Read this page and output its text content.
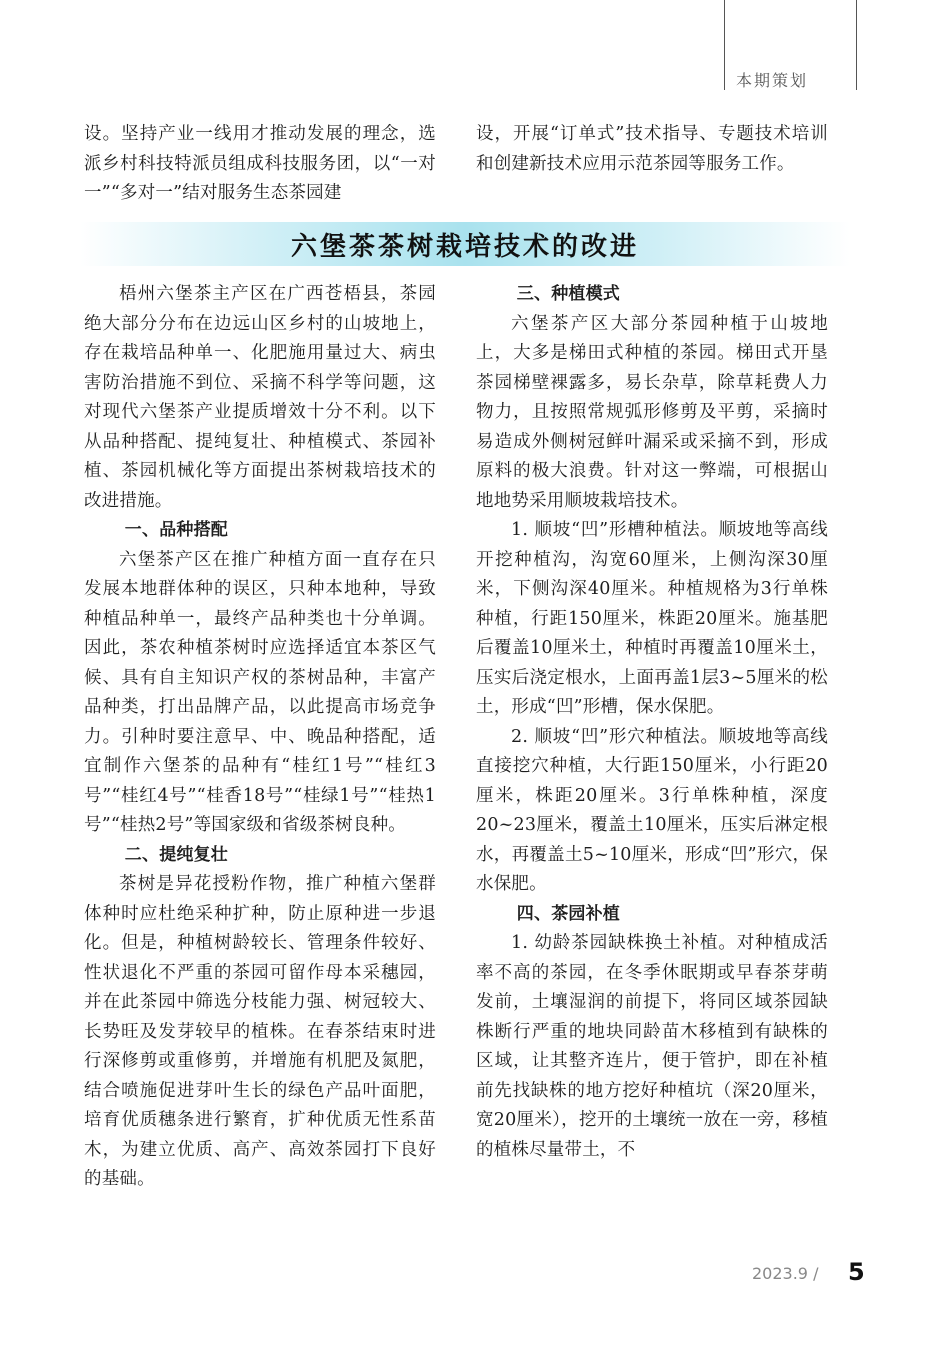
本期策划

设。坚持产业一线用才推动发展的理念，选派乡村科技特派员组成科技服务团，以“一对一”“多对一”结对服务生态茶园建

设，开展“订单式”技术指导、专题技术培训和创建新技术应用示范茶园等服务工作。

六堡茶茶树栽培技术的改进

梧州六堡茶主产区在广西苍梧县，茶园绝大部分分布在边远山区乡村的山坡地上，存在栽培品种单一、化肥施用量过大、病虫害防治措施不到位、采摘不科学等问题，这对现代六堡茶产业提质增效十分不利。以下从品种搭配、提纯复壮、种植模式、茶园补植、茶园机械化等方面提出茶树栽培技术的改进措施。

一、品种搭配

六堡茶产区在推广种植方面一直存在只发展本地群体种的误区，只种本地种，导致种植品种单一，最终产品种类也十分单调。因此，茶农种植茶树时应选择适宜本茶区气候、具有自主知识产权的茶树品种，丰富产品种类，打出品牌产品，以此提高市场竞争力。引种时要注意早、中、晚品种搭配，适宜制作六堡茶的品种有“桂红1号”“桂红3号”“桂红4号”“桂香18号”“桂绿1号”“桂热1号”“桂热2号”等国家级和省级茶树良种。

二、提纯复壮

茶树是异花授粉作物，推广种植六堡群体种时应杜绝采种扩种，防止原种进一步退化。但是，种植树龄较长、管理条件较好、性状退化不严重的茶园可留作母本采穗园，并在此茶园中筛选分枝能力强、树冠较大、长势旺及发芽较早的植株。在春茶结束时进行深修剪或重修剪，并增施有机肥及氮肥，结合喷施促进芽叶生长的绿色产品叶面肥，培育优质穗条进行繁育，扩种优质无性系苗木，为建立优质、高产、高效茶园打下良好的基础。

三、种植模式

六堡茶产区大部分茶园种植于山坡地上，大多是梯田式种植的茶园。梯田式开垦茶园梯壁裸露多，易长杂草，除草耗费人力物力，且按照常规弧形修剪及平剪，采摘时易造成外侧树冠鲜叶漏采或采摘不到，形成原料的极大浪费。针对这一弊端，可根据山地地势采用顺坡栽培技术。

1. 顺坡“凹”形槽种植法。顺坡地等高线开挖种植沟，沟宽60厘米，上侧沟深30厘米，下侧沟深40厘米。种植规格为3行单株种植，行距150厘米，株距20厘米。施基肥后覆盖10厘米土，种植时再覆盖10厘米土，压实后浇定根水，上面再盖1层3~5厘米的松土，形成“凹”形槽，保水保肥。

2. 顺坡“凹”形穴种植法。顺坡地等高线直接挖穴种植，大行距150厘米，小行距20厘米，株距20厘米。3行单株种植，深度20~23厘米，覆盖土10厘米，压实后淋定根水，再覆盖土5~10厘米，形成“凹”形穴，保水保肥。

四、茶园补植

1. 幼龄茶园缺株换土补植。对种植成活率不高的茶园，在冬季休眠期或早春茶芽萌发前，土壤湿润的前提下，将同区域茶园缺株断行严重的地块同龄苗木移植到有缺株的区域，让其整齐连片，便于管护，即在补植前先找缺株的地方挖好种植坑（深20厘米，宽20厘米），挖开的土壤统一放在一旁，移植的植株尽量带土，不

2023.9 / 5
